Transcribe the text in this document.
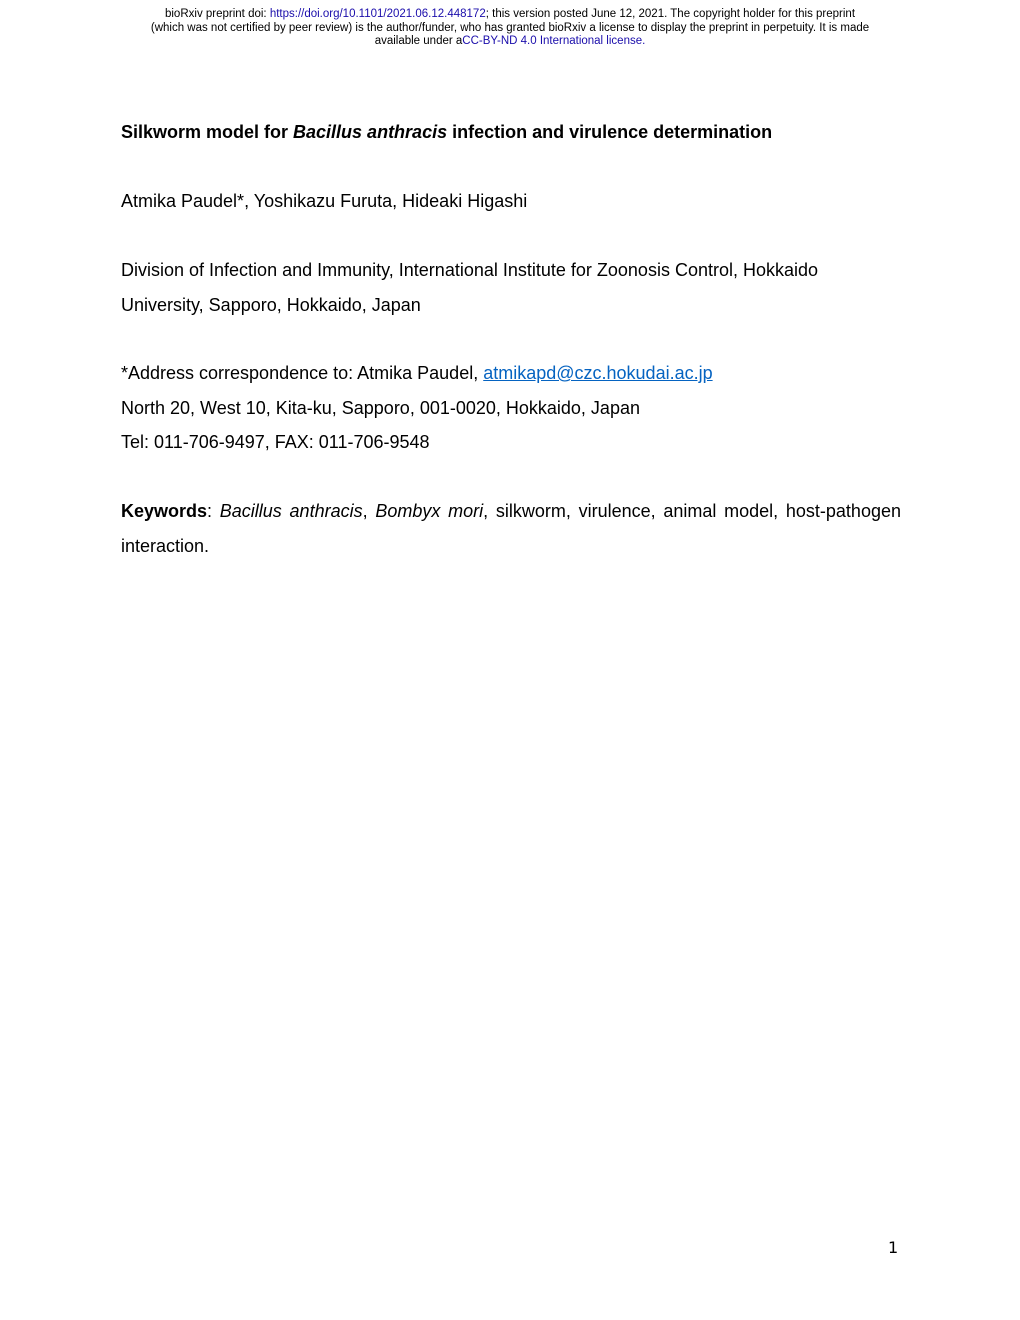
bioRxiv preprint doi: https://doi.org/10.1101/2021.06.12.448172; this version posted June 12, 2021. The copyright holder for this preprint
(which was not certified by peer review) is the author/funder, who has granted bioRxiv a license to display the preprint in perpetuity. It is made
available under aCC-BY-ND 4.0 International license.
Silkworm model for Bacillus anthracis infection and virulence determination
Atmika Paudel*, Yoshikazu Furuta, Hideaki Higashi
Division of Infection and Immunity, International Institute for Zoonosis Control, Hokkaido University, Sapporo, Hokkaido, Japan

*Address correspondence to: Atmika Paudel, atmikapd@czc.hokudai.ac.jp

North 20, West 10, Kita-ku, Sapporo, 001-0020, Hokkaido, Japan

Tel: 011-706-9497, FAX: 011-706-9548

Keywords: Bacillus anthracis, Bombyx mori, silkworm, virulence, animal model, host-pathogen interaction.
1
